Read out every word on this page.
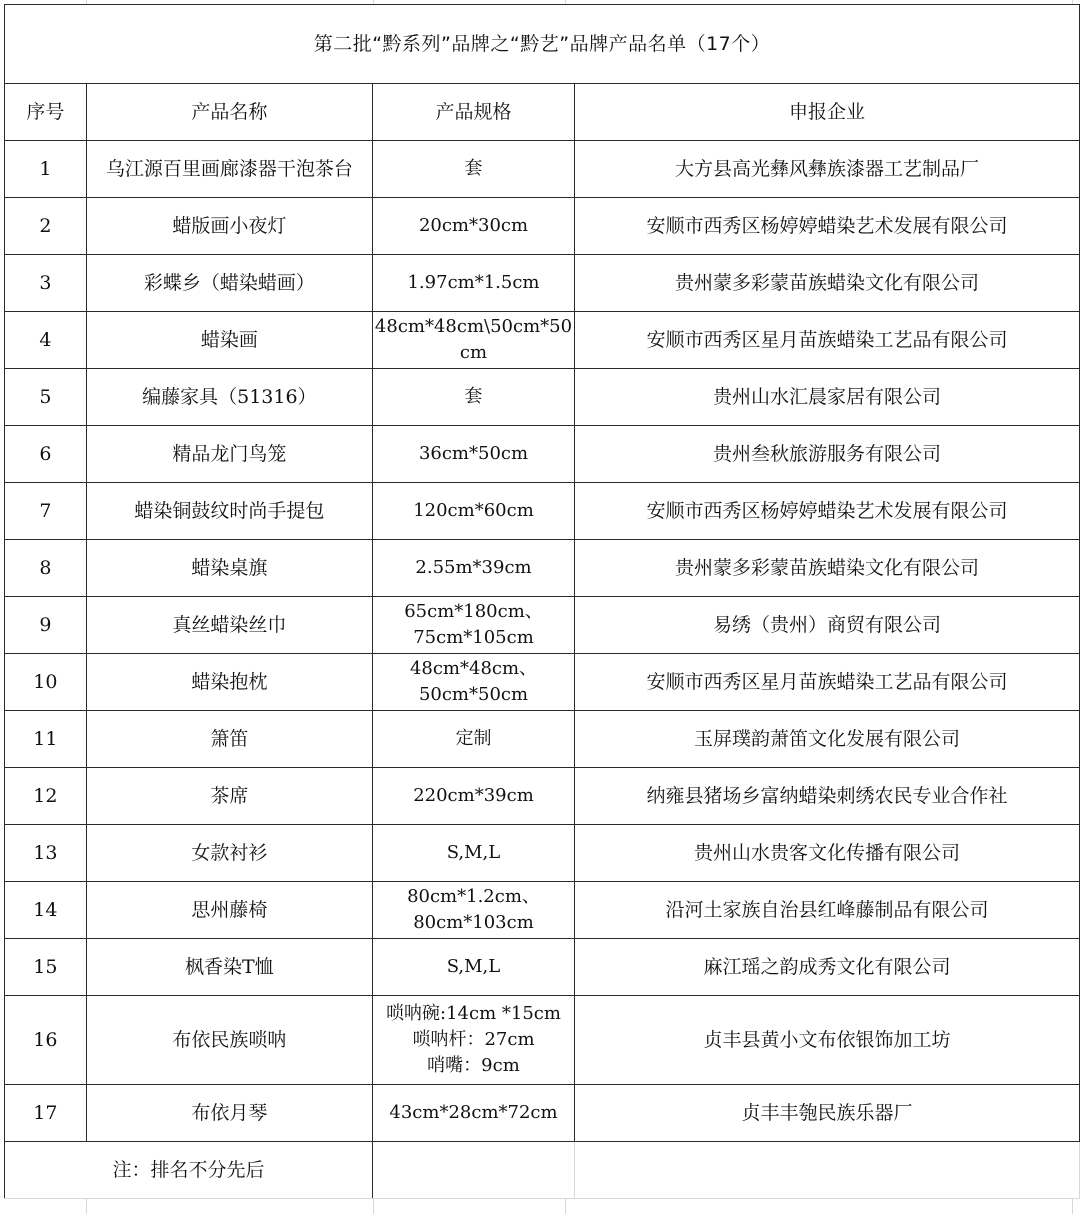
第二批“黔系列”品牌之“黔艺”品牌产品名单（17个）			
序号	产品名称	产品规格	申报企业
1	乌江源百里画廊漆器干泡茶台	套	大方县高光彝风彝族漆器工艺制品厂
2	蜡版画小夜灯	20cm*30cm	安顺市西秀区杨婷婷蜡染艺术发展有限公司
3	彩蝶乡（蜡染蜡画）	1.97cm*1.5cm	贵州蒙多彩蒙苗族蜡染文化有限公司
4	蜡染画	48cm*48cm\50cm*50
cm	安顺市西秀区星月苗族蜡染工艺品有限公司
5	编藤家具（51316）	套	贵州山水汇晨家居有限公司
6	精品龙门鸟笼	36cm*50cm	贵州叁秋旅游服务有限公司
7	蜡染铜鼓纹时尚手提包	120cm*60cm	安顺市西秀区杨婷婷蜡染艺术发展有限公司
8	蜡染桌旗	2.55m*39cm	贵州蒙多彩蒙苗族蜡染文化有限公司
9	真丝蜡染丝巾	65cm*180cm、
75cm*105cm	易绣（贵州）商贸有限公司
10	蜡染抱枕	48cm*48cm、
50cm*50cm	安顺市西秀区星月苗族蜡染工艺品有限公司
11	箫笛	定制	玉屏璞韵萧笛文化发展有限公司
12	茶席	220cm*39cm	纳雍县猪场乡富纳蜡染刺绣农民专业合作社
13	女款衬衫	S,M,L	贵州山水贵客文化传播有限公司
14	思州藤椅	80cm*1.2cm、
80cm*103cm	沿河土家族自治县红峰藤制品有限公司
15	枫香染T恤	S,M,L	麻江瑶之韵成秀文化有限公司
16	布依民族唢呐	唢呐碗:14cm *15cm
唢呐杆：27cm
哨嘴：9cm	贞丰县黄小文布依银饰加工坊
17	布依月琴	43cm*28cm*72cm	贞丰丰匏民族乐器厂
注：排名不分先后			
